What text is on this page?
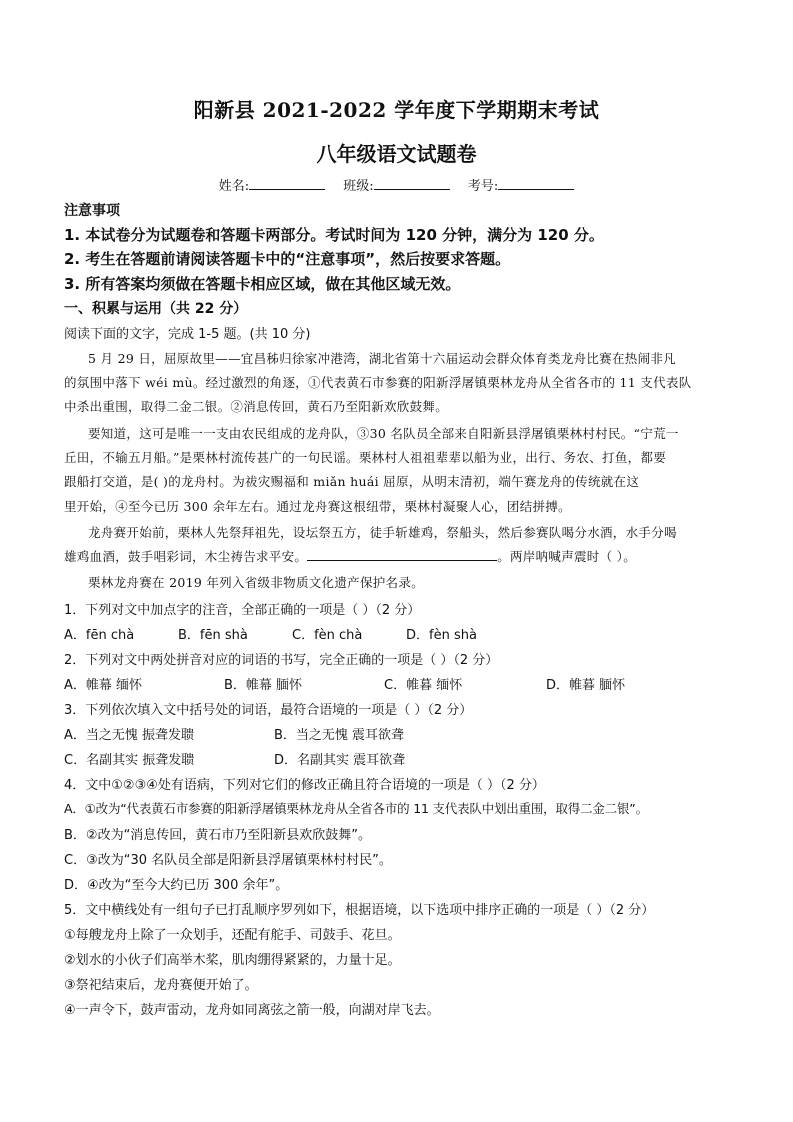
阳新县 2021-2022 学年度下学期期末考试
八年级语文试题卷
姓名:	班级:	考号:
注意事项
1. 本试卷分为试题卷和答题卡两部分。考试时间为 120 分钟，满分为 120 分。
2. 考生在答题前请阅读答题卡中的“注意事项”，然后按要求答题。
3. 所有答案均须做在答题卡相应区域，做在其他区域无效。
一、积累与运用（共 22 分）
阅读下面的文字，完成 1-5 题。(共 10 分)
5 月 29 日，屈原故里——宜昌秭归徐家冲港湾，湖北省第十六届运动会群众体育类龙舟比赛在热闹非凡
的氛围中落下 wéi mù。经过激烈的角逐，①代表黄石市参赛的阳新浮屠镇栗林龙舟从全省各市的 11 支代表队
中杀出重围，取得二金二银。②消息传回，黄石乃至阳新欢欣鼓舞。
要知道，这可是唯一一支由农民组成的龙舟队，③30 名队员全部来自阳新县浮屠镇栗林村村民。“宁荒一
丘田，不输五月船。”是栗林村流传甚广的一句民谣。栗林村人祖祖辈辈以船为业，出行、务农、打鱼，都要
跟船打交道，是( )的龙舟村。为祓灾赐福和 miǎn huái 屈原，从明末清初，端午赛龙舟的传统就在这
里开始，④至今已历 300 余年左右。通过龙舟赛这根纽带，栗林村凝聚人心，团结拼搏。
龙舟赛开始前，栗林人先祭拜祖先，设坛祭五方，徒手斩雄鸡，祭船头，然后参赛队喝分水酒，水手分喝
雄鸡血酒，鼓手唱彩词，木尘祷告求平安。	。两岸呐喊声震时（ ）。
栗林龙舟赛在 2019 年列入省级非物质文化遗产保护名录。
1．下列对文中加点字的注音，全部正确的一项是（ ）（2 分）
A．fēn chà	B．fēn shà	C．fèn chà	D．fèn shà
2．下列对文中两处拼音对应的词语的书写，完全正确的一项是（ ）（2 分）
A．帷幕 缅怀	B．帷幕 腼怀	C．帷暮 缅怀	D．帷暮 腼怀
3．下列依次填入文中括号处的词语，最符合语境的一项是（ ）（2 分）
A．当之无愧 振聋发聩	B．当之无愧 震耳欲聋
C．名副其实 振聋发聩	D．名副其实 震耳欲聋
4．文中①②③④处有语病，下列对它们的修改正确且符合语境的一项是（ ）（2 分）
A．①改为“代表黄石市参赛的阳新浮屠镇栗林龙舟从全省各市的 11 支代表队中划出重围，取得二金二银”。
B．②改为“消息传回，黄石市乃至阳新县欢欣鼓舞”。
C．③改为“30 名队员全部是阳新县浮屠镇栗林村村民”。
D．④改为“至今大约已历 300 余年”。
5．文中横线处有一组句子已打乱顺序罗列如下，根据语境，以下选项中排序正确的一项是（ ）（2 分）
①每艘龙舟上除了一众划手，还配有舵手、司鼓手、花旦。
②划水的小伙子们高举木桨，肌肉绷得紧紧的，力量十足。
③祭祀结束后，龙舟赛便开始了。
④一声令下，鼓声雷动，龙舟如同离弦之箭一般，向湖对岸飞去。
